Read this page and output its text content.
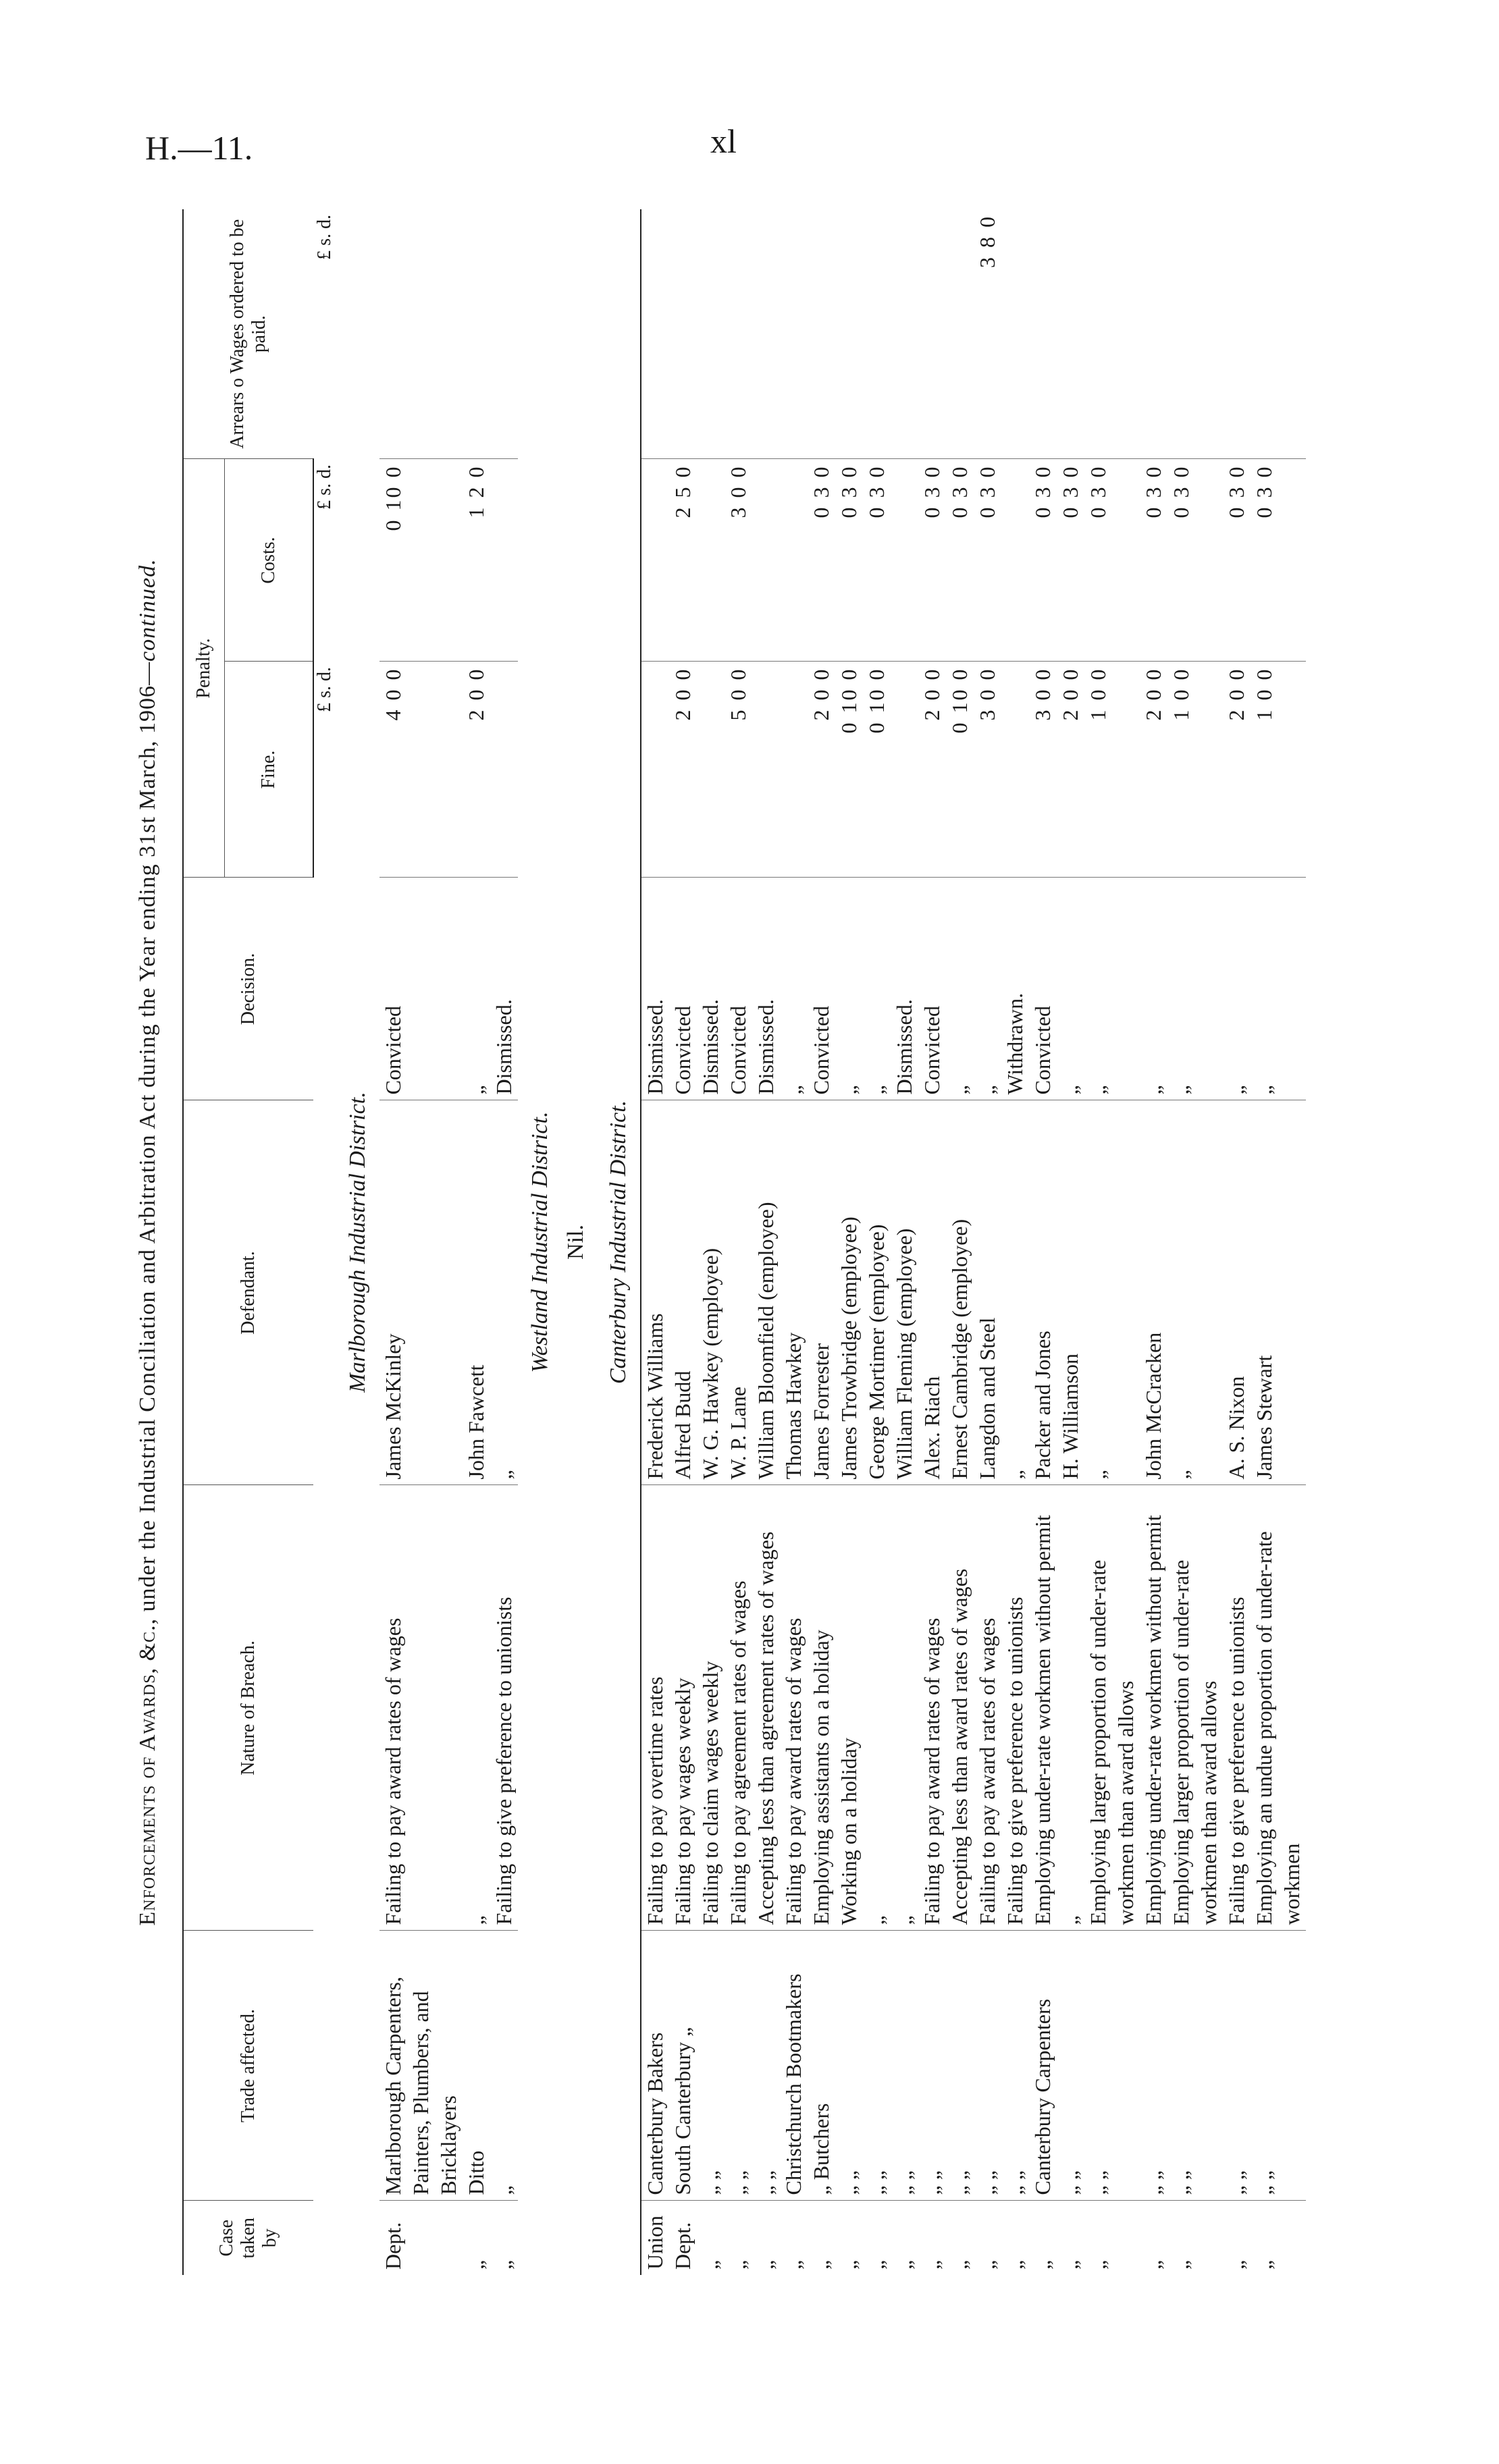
H.—11.	xl
Enforcements of Awards, &c., under the Industrial Conciliation and Arbitration Act during the Year ending 31st March, 1906—continued.
Case taken by	Trade affected.	Nature of Breach.	Defendant.	Decision.	Penalty.		Arrears o Wages ordered to be paid.
					Fine.	Costs.	
					£ s. d.	£ s. d.	£ s. d.
Marlborough Industrial District.							
Dept.	Marlborough Carpenters, Painters, Plumbers, and Bricklayers	Failing to pay award rates of wages	James McKinley	Convicted	4 0 0	0 10 0	
„	Ditto	„	John Fawcett	„	2 0 0	1 2 0	
„	„	Failing to give preference to unionists	„	Dismissed.			
Westland Industrial District.							
Nil.							
Canterbury Industrial District.							
Union	Canterbury Bakers	Failing to pay overtime rates	Frederick Williams	Dismissed.			
Dept.	South Canterbury „	Failing to pay wages weekly	Alfred Budd	Convicted	2 0 0	2 5 0	
„	„ „	Failing to claim wages weekly	W. G. Hawkey (employee)	Dismissed.			
„	„ „	Failing to pay agreement rates of wages	W. P. Lane	Convicted	5 0 0	3 0 0	
„	„ „	Accepting less than agreement rates of wages	William Bloomfield (employee)	Dismissed.			
„	Christchurch Bootmakers	Failing to pay award rates of wages	Thomas Hawkey	„			
„	„ Butchers	Employing assistants on a holiday	James Forrester	Convicted	2 0 0	0 3 0	
„	„ „	Working on a holiday	James Trowbridge (employee)	„	0 10 0	0 3 0	
„	„ „	„	George Mortimer (employee)	„	0 10 0	0 3 0	
„	„ „	„	William Fleming (employee)	Dismissed.			
„	„ „	Failing to pay award rates of wages	Alex. Riach	Convicted	2 0 0	0 3 0	
„	„ „	Accepting less than award rates of wages	Ernest Cambridge (employee)	„	0 10 0	0 3 0	
„	„ „	Failing to pay award rates of wages	Langdon and Steel	„	3 0 0	0 3 0	3 8 0
„	„ „	Failing to give preference to unionists	„	Withdrawn.			
„	Canterbury Carpenters	Employing under-rate workmen without permit	Packer and Jones	Convicted	3 0 0	0 3 0	
„	„ „	„	H. Williamson	„	2 0 0	0 3 0	
„	„ „	Employing larger proportion of under-rate workmen than award allows	„	„	1 0 0	0 3 0	
„	„ „	Employing under-rate workmen without permit	John McCracken	„	2 0 0	0 3 0	
„	„ „	Employing larger proportion of under-rate workmen than award allows	„	„	1 0 0	0 3 0	
„	„ „	Failing to give preference to unionists	A. S. Nixon	„	2 0 0	0 3 0	
„	„ „	Employing an undue proportion of under-rate workmen	James Stewart	„	1 0 0	0 3 0	
